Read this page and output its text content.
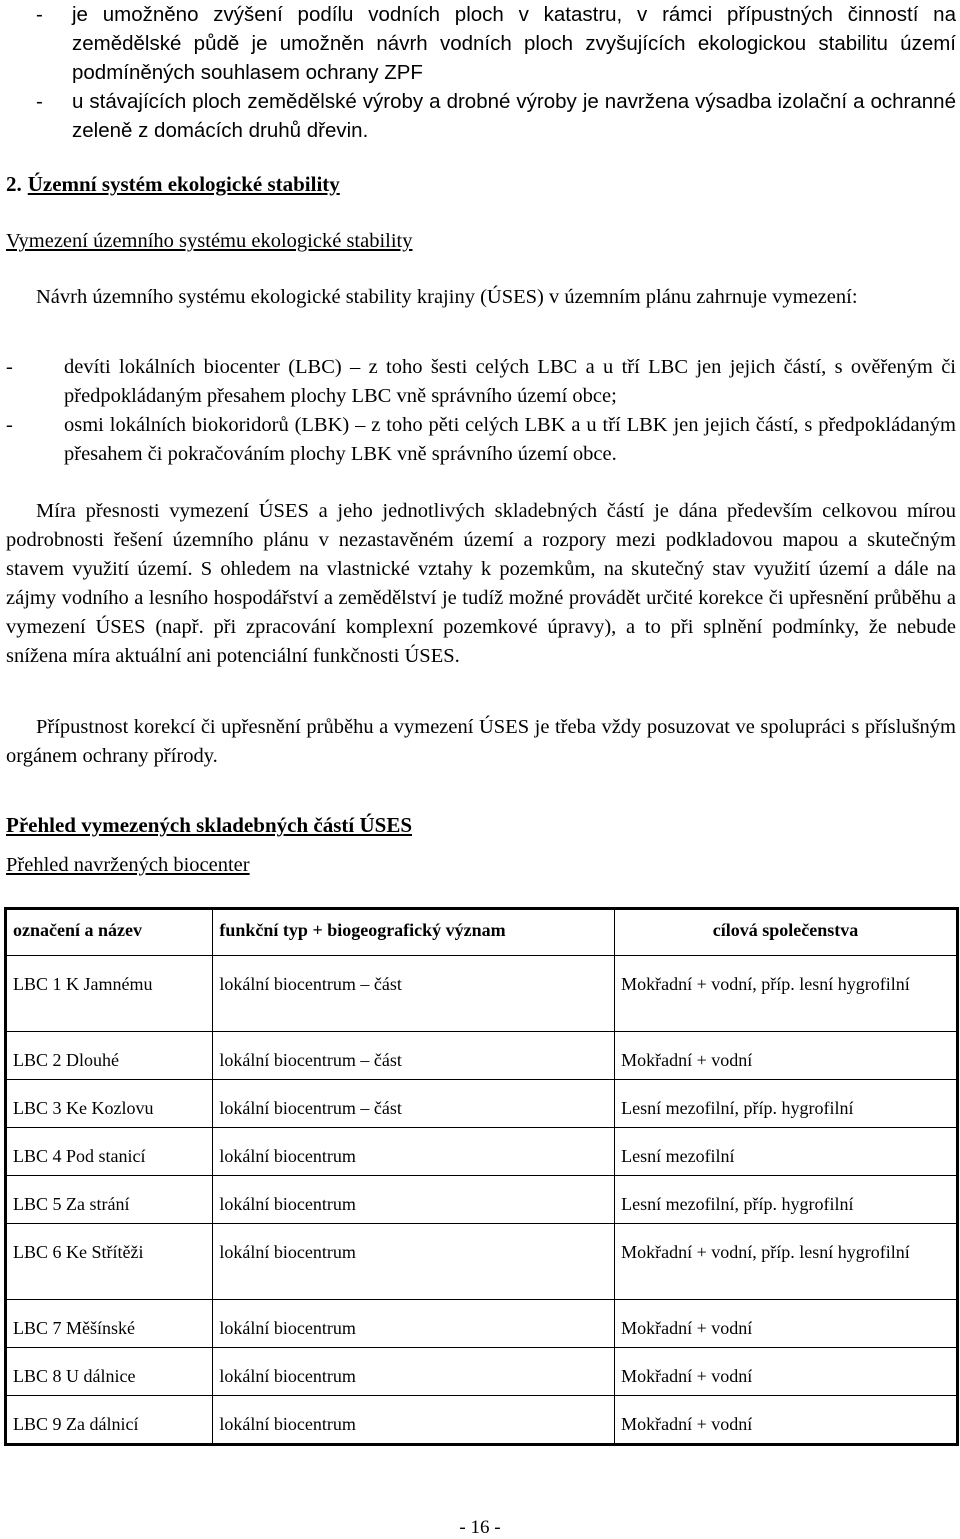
- je umožněno zvýšení podílu vodních ploch v katastru, v rámci přípustných činností na zemědělské půdě je umožněn návrh vodních ploch zvyšujících ekologickou stabilitu území podmíněných souhlasem ochrany ZPF
- u stávajících ploch zemědělské výroby a drobné výroby je navržena výsadba izolační a ochranné zeleně z domácích druhů dřevin.
2. Územní systém ekologické stability
Vymezení územního systému ekologické stability
Návrh územního systému ekologické stability krajiny (ÚSES) v územním plánu zahrnuje vymezení:
- devíti lokálních biocenter (LBC) – z toho šesti celých LBC a u tří LBC jen jejich částí, s ověřeným či předpokládaným přesahem plochy LBC vně správního území obce;
- osmi lokálních biokoridorů (LBK) – z toho pěti celých LBK a u tří LBK jen jejich částí, s předpokládaným přesahem či pokračováním plochy LBK vně správního území obce.
Míra přesnosti vymezení ÚSES a jeho jednotlivých skladebných částí je dána především celkovou mírou podrobnosti řešení územního plánu v nezastavěném území a rozpory mezi podkladovou mapou a skutečným stavem využití území. S ohledem na vlastnické vztahy k pozemkům, na skutečný stav využití území a dále na zájmy vodního a lesního hospodářství a zemědělství je tudíž možné provádět určité korekce či upřesnění průběhu a vymezení ÚSES (např. při zpracování komplexní pozemkové úpravy), a to při splnění podmínky, že nebude snížena míra aktuální ani potenciální funkčnosti ÚSES.
Přípustnost korekcí či upřesnění průběhu a vymezení ÚSES je třeba vždy posuzovat ve spolupráci s příslušným orgánem ochrany přírody.
Přehled vymezených skladebných částí ÚSES
Přehled navržených biocenter
označení a název	funkční typ + biogeografický význam	cílová společenstva
LBC 1 K Jamnému	lokální biocentrum – část	Mokřadní + vodní, příp. lesní hygrofilní
LBC 2 Dlouhé	lokální biocentrum – část	Mokřadní + vodní
LBC 3 Ke Kozlovu	lokální biocentrum – část	Lesní mezofilní, příp. hygrofilní
LBC 4 Pod stanicí	lokální biocentrum	Lesní mezofilní
LBC 5 Za strání	lokální biocentrum	Lesní mezofilní, příp. hygrofilní
LBC 6 Ke Střítěži	lokální biocentrum	Mokřadní + vodní, příp. lesní hygrofilní
LBC 7 Měšínské	lokální biocentrum	Mokřadní + vodní
LBC 8 U dálnice	lokální biocentrum	Mokřadní + vodní
LBC 9 Za dálnicí	lokální biocentrum	Mokřadní + vodní
- 16 -
